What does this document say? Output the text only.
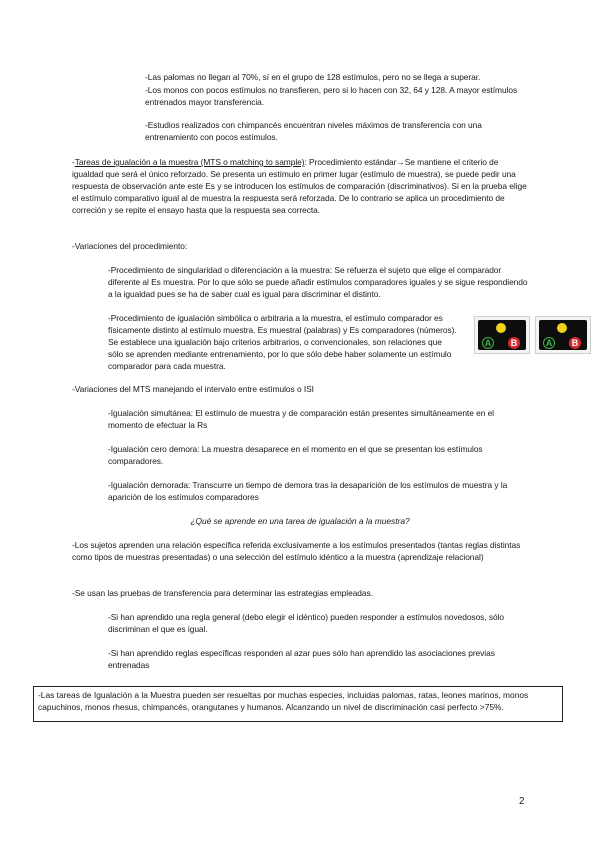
-Las palomas no llegan al 70%, sí en el grupo de 128 estímulos, pero no se llega a superar.

-Los monos con pocos estímulos no transfieren, pero si lo hacen con 32, 64 y 128. A mayor estímulos entrenados mayor transferencia.

-Estudios realizados con chimpancés encuentran niveles máximos de transferencia con una entrenamiento con pocos estímulos.

-Tareas de igualación a la muestra (MTS o matching to sample): Procedimiento estándar→Se mantiene el criterio de igualdad que será el único reforzado. Se presenta un estímulo en primer lugar (estímulo de muestra), se puede pedir una respuesta de observación ante este Es y se introducen los estímulos de comparación (discriminativos). Si en la prueba elige el estímulo comparativo igual al de muestra la respuesta será reforzada. De lo contrario se aplica un procedimiento de correción y se repite el ensayo hasta que la respuesta sea correcta.

-Variaciones del procedimiento:

-Procedimiento de singularidad o diferenciación a la muestra: Se refuerza el sujeto que elige el comparador diferente al Es muestra. Por lo que sólo se puede añadir estímulos comparadores iguales y se sigue respondiendo a la igualdad pues se ha de saber cual es igual para discriminar el distinto.

-Procedimiento de igualación simbólica o arbitraria a la muestra, el estímulo comparador es físicamente distinto al estímulo muestra. Es muestral (palabras) y Es comparadores (números). Se establece una igualación bajo criterios arbitrarios, o convencionales, son relaciones que sólo se aprenden mediante entrenamiento, por lo que sólo debe haber solamente un estímulo comparador para cada muestra.

A	B	A	B

-Variaciones del MTS manejando el intervalo entre estímulos o ISI

-Igualación simultánea: El estímulo de muestra y de comparación están presentes simultáneamente en el momento de efectuar la Rs

-Igualación cero demora: La muestra desaparece en el momento en el que se presentan los estímulos comparadores.

-Igualación demorada: Transcurre un tiempo de demora tras la desaparición de los estímulos de muestra y la aparición de los estímulos comparadores

¿Qué se aprende en una tarea de igualación a la muestra?

-Los sujetos aprenden una relación específica referida exclusivamente a los estímulos presentados (tantas reglas distintas como tipos de muestras presentadas) o una selección del estímulo idéntico a la muestra (aprendizaje relacional)

-Se usan las pruebas de transferencia para determinar las estrategias empleadas.

-Si han aprendido una regla general (debo elegir el idéntico) pueden responder a estímulos novedosos, sólo discriminan el que es igual.

-Si han aprendido reglas específicas responden al azar pues sólo han aprendido las asociaciones previas entrenadas

-Las tareas de Igualación a la Muestra pueden ser resueltas por muchas especies, incluidas palomas, ratas, leones marinos, monos capuchinos, monos rhesus, chimpancés, orangutanes y humanos. Alcanzando un nivel de discriminación casi perfecto >75%.
2
